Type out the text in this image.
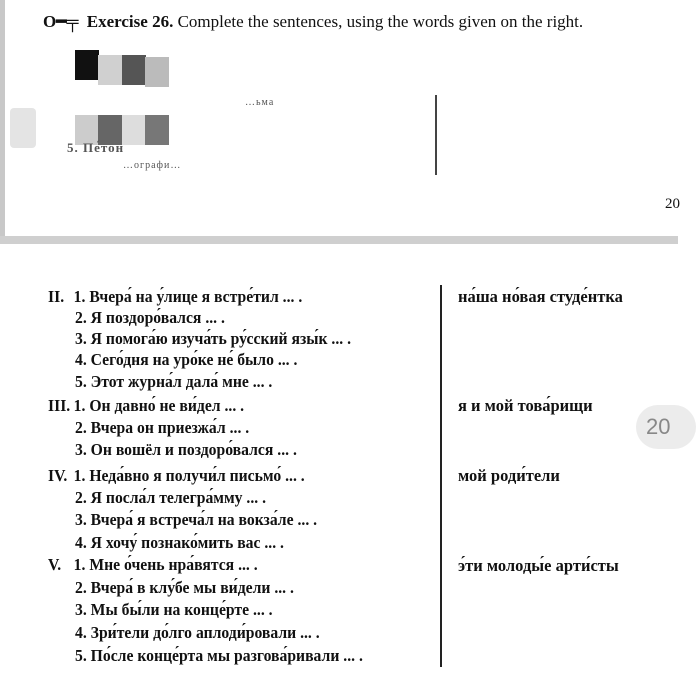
O━╤ Exercise 26. Complete the sentences, using the words given on the right.
5. Пе́тон
…ографи…
…ьма
20
II. 1. Вчера́ на у́лице я встре́тил ... .
2. Я поздоро́вался ... .
3. Я помога́ю изуча́ть ру́сский язы́к ... .
4. Сего́дня на уро́ке не́ было ... .
5. Этот журна́л дала́ мне ... .
на́ша но́вая студе́нтка
III. 1. Он давно́ не ви́дел ... .
2. Вчера он приезжа́л ... .
3. Он вошёл и поздоро́вался ... .
я и мой това́рищи
IV. 1. Неда́вно я получи́л письмо́ ... .
2. Я посла́л телегра́мму ... .
3. Вчера́ я встреча́л на вокза́ле ... .
4. Я хочу́ познако́мить вас ... .
мой роди́тели
V. 1. Мне о́чень нра́вятся ... .
2. Вчера́ в клу́бе мы ви́дели ... .
3. Мы бы́ли на конце́рте ... .
4. Зри́тели до́лго аплоди́ровали ... .
5. По́сле конце́рта мы разгова́ривали ... .
э́ти молоды́е арти́сты
20
